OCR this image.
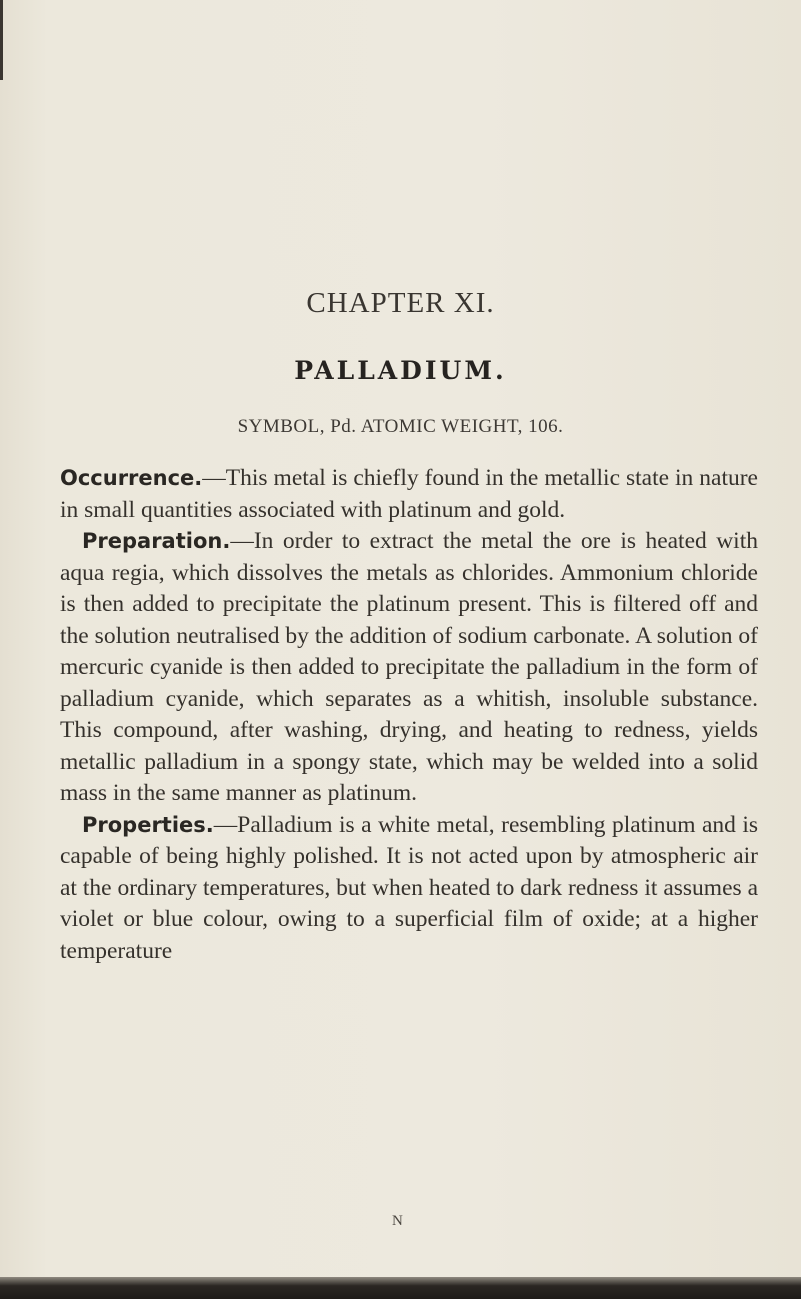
CHAPTER XI.
PALLADIUM.
SYMBOL, Pd. ATOMIC WEIGHT, 106.

Occurrence.—This metal is chiefly found in the metallic state in nature in small quantities associated with platinum and gold.

Preparation.—In order to extract the metal the ore is heated with aqua regia, which dissolves the metals as chlorides. Ammonium chloride is then added to precipitate the platinum present. This is filtered off and the solution neutralised by the addition of sodium carbonate. A solution of mercuric cyanide is then added to precipitate the palladium in the form of palladium cyanide, which separates as a whitish, insoluble substance. This compound, after washing, drying, and heating to redness, yields metallic palladium in a spongy state, which may be welded into a solid mass in the same manner as platinum.

Properties.—Palladium is a white metal, resembling platinum and is capable of being highly polished. It is not acted upon by atmospheric air at the ordinary temperatures, but when heated to dark redness it assumes a violet or blue colour, owing to a superficial film of oxide; at a higher temperature

N
